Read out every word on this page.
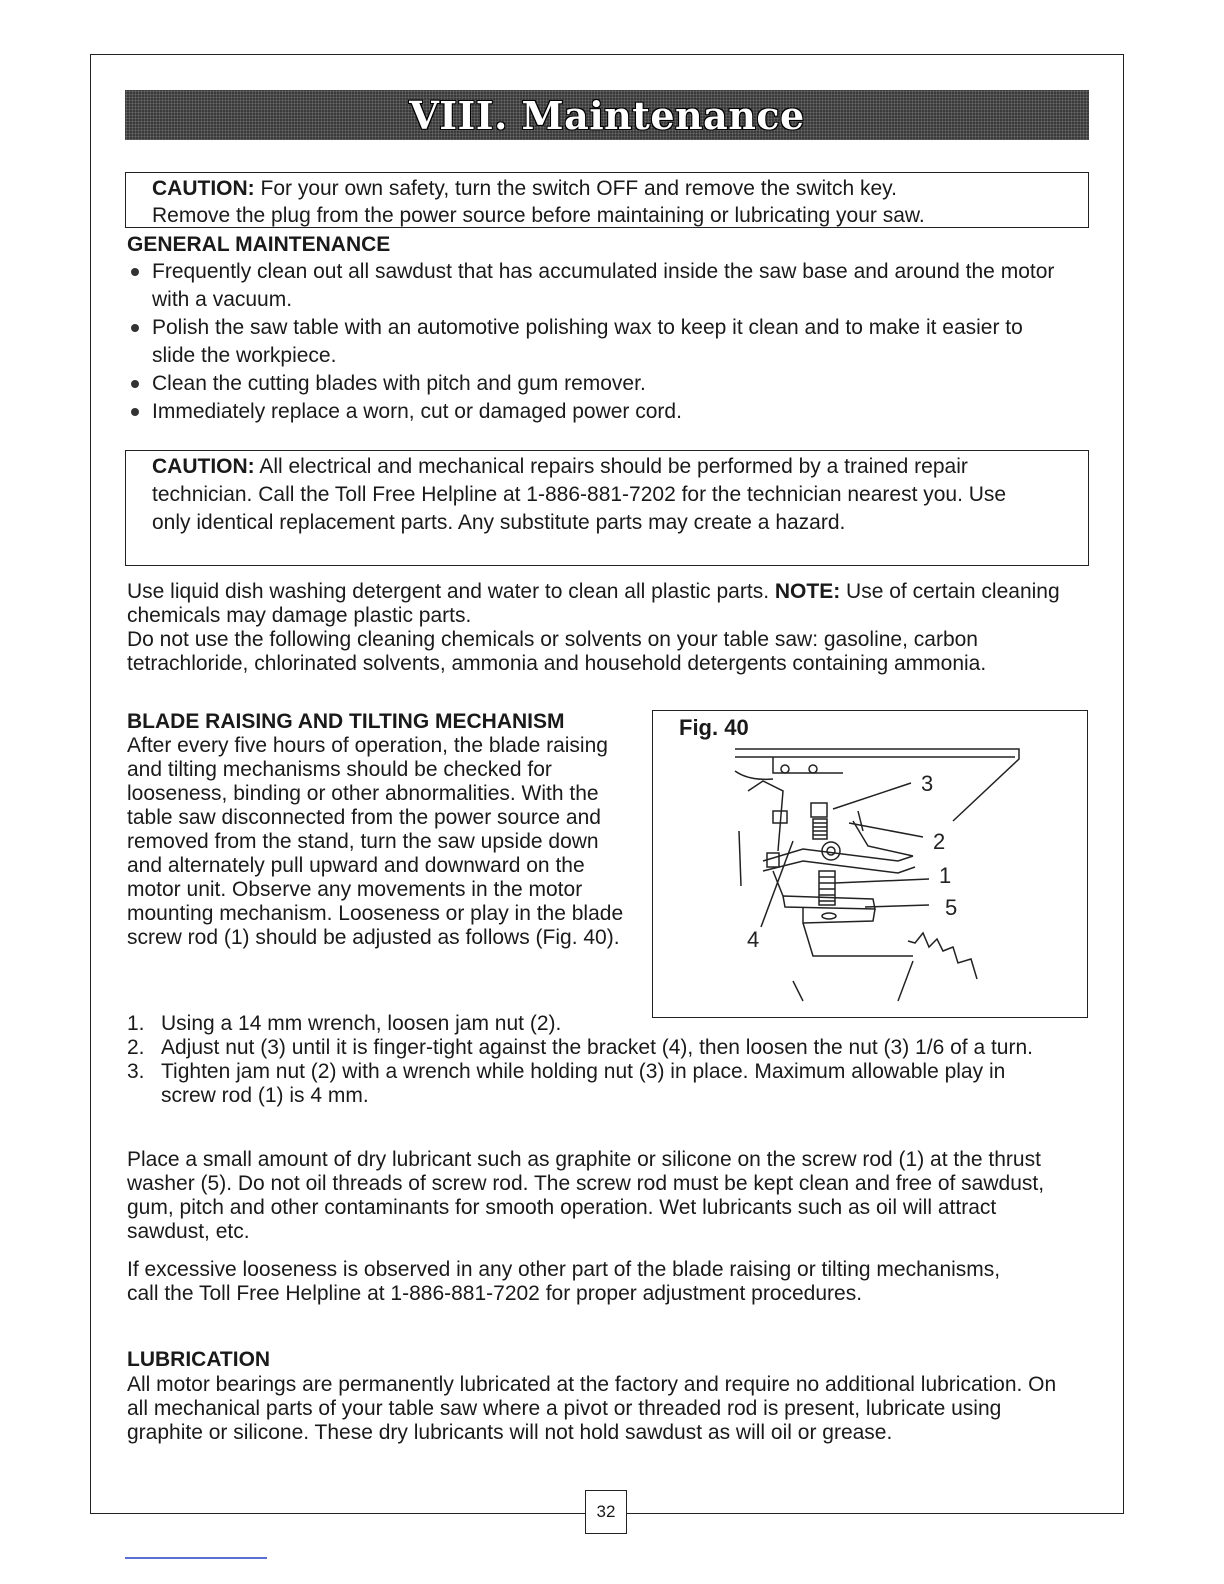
VIII. Maintenance
CAUTION: For your own safety, turn the switch OFF and remove the switch key.
Remove the plug from the power source before maintaining or lubricating your saw.
GENERAL MAINTENANCE
Frequently clean out all sawdust that has accumulated inside the saw base and around the motor with a vacuum.
Polish the saw table with an automotive polishing wax to keep it clean and to make it easier to slide the workpiece.
Clean the cutting blades with pitch and gum remover.
Immediately replace a worn, cut or damaged power cord.
CAUTION: All electrical and mechanical repairs should be performed by a trained repair technician. Call the Toll Free Helpline at 1-886-881-7202 for the technician nearest you. Use only identical replacement parts. Any substitute parts may create a hazard.
Use liquid dish washing detergent and water to clean all plastic parts. NOTE: Use of certain cleaning chemicals may damage plastic parts.
Do not use the following cleaning chemicals or solvents on your table saw: gasoline, carbon tetrachloride, chlorinated solvents, ammonia and household detergents containing ammonia.
BLADE RAISING AND TILTING MECHANISM
After every five hours of operation, the blade raising and tilting mechanisms should be checked for looseness, binding or other abnormalities. With the table saw disconnected from the power source and removed from the stand, turn the saw upside down and alternately pull upward and downward on the motor unit. Observe any movements in the motor mounting mechanism. Looseness or play in the blade screw rod (1) should be adjusted as follows (Fig. 40).
Fig. 40
3
2
1
5
4
1. Using a 14 mm wrench, loosen jam nut (2).
2. Adjust nut (3) until it is finger-tight against the bracket (4), then loosen the nut (3) 1/6 of a turn.
3. Tighten jam nut (2) with a wrench while holding nut (3) in place. Maximum allowable play in screw rod (1) is 4 mm.
Place a small amount of dry lubricant such as graphite or silicone on the screw rod (1) at the thrust washer (5). Do not oil threads of screw rod. The screw rod must be kept clean and free of sawdust, gum, pitch and other contaminants for smooth operation. Wet lubricants such as oil will attract sawdust, etc.
If excessive looseness is observed in any other part of the blade raising or tilting mechanisms, call the Toll Free Helpline at 1-886-881-7202 for proper adjustment procedures.
LUBRICATION
All motor bearings are permanently lubricated at the factory and require no additional lubrication. On all mechanical parts of your table saw where a pivot or threaded rod is present, lubricate using graphite or silicone. These dry lubricants will not hold sawdust as will oil or grease.
32
